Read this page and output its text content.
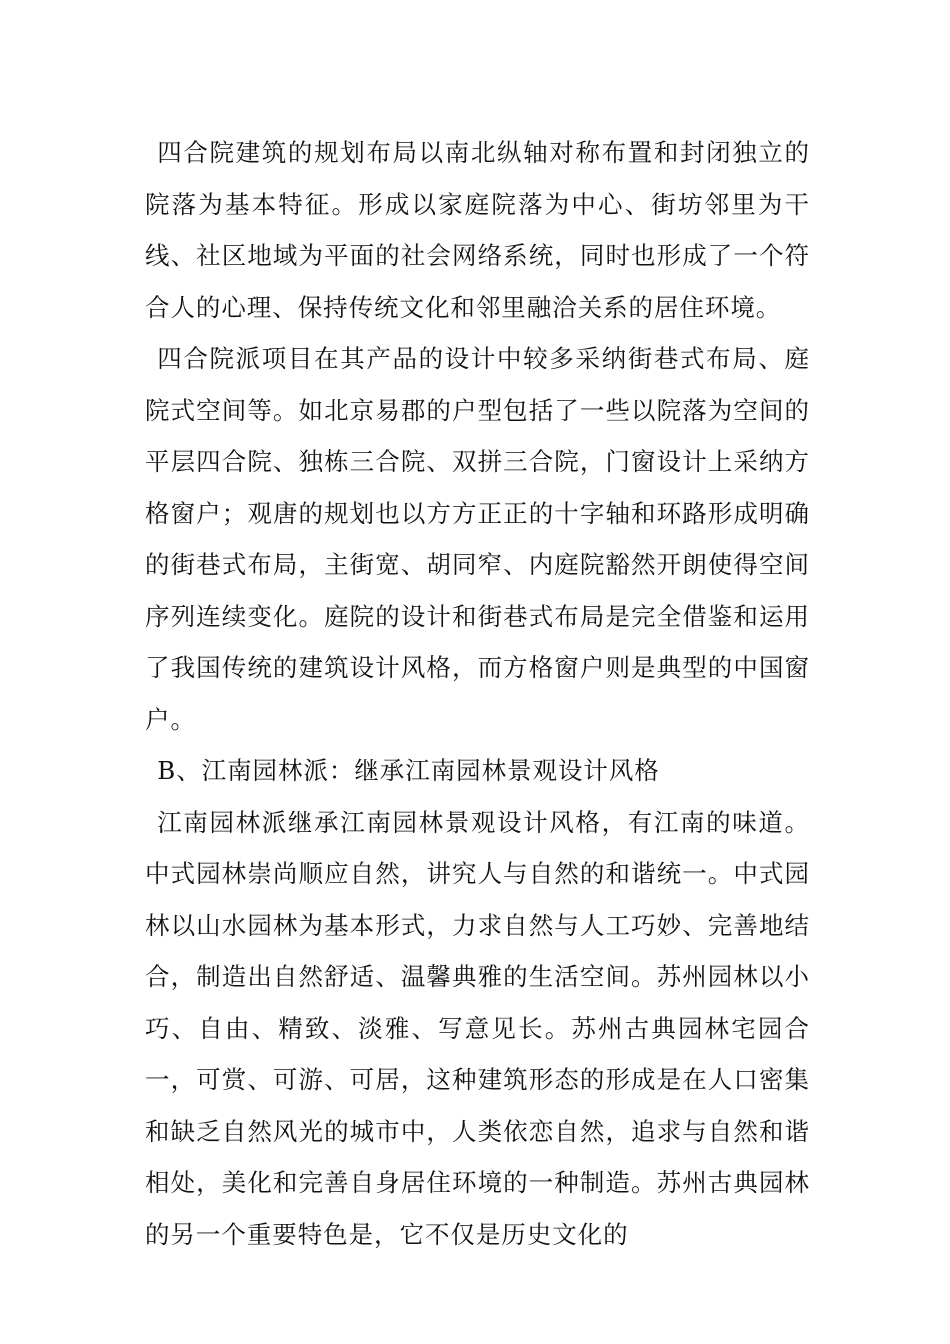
四合院建筑的规划布局以南北纵轴对称布置和封闭独立的院落为基本特征。形成以家庭院落为中心、街坊邻里为干线、社区地域为平面的社会网络系统，同时也形成了一个符合人的心理、保持传统文化和邻里融洽关系的居住环境。

四合院派项目在其产品的设计中较多采纳街巷式布局、庭院式空间等。如北京易郡的户型包括了一些以院落为空间的平层四合院、独栋三合院、双拼三合院，门窗设计上采纳方格窗户；观唐的规划也以方方正正的十字轴和环路形成明确的街巷式布局，主街宽、胡同窄、内庭院豁然开朗使得空间序列连续变化。庭院的设计和街巷式布局是完全借鉴和运用了我国传统的建筑设计风格，而方格窗户则是典型的中国窗户。

B、江南园林派：继承江南园林景观设计风格

江南园林派继承江南园林景观设计风格，有江南的味道。中式园林崇尚顺应自然，讲究人与自然的和谐统一。中式园林以山水园林为基本形式，力求自然与人工巧妙、完善地结合，制造出自然舒适、温馨典雅的生活空间。苏州园林以小巧、自由、精致、淡雅、写意见长。苏州古典园林宅园合一，可赏、可游、可居，这种建筑形态的形成是在人口密集和缺乏自然风光的城市中，人类依恋自然，追求与自然和谐相处，美化和完善自身居住环境的一种制造。苏州古典园林的另一个重要特色是，它不仅是历史文化的
